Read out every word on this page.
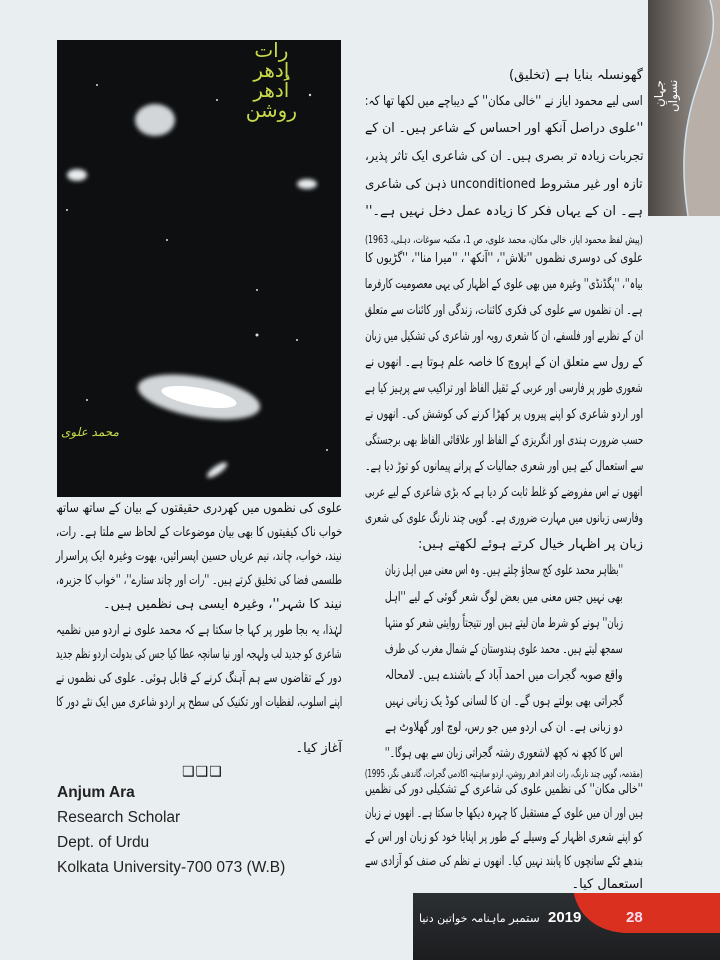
جہانِ نسواں
رات
اِدھر
اُدھر
روشن
محمد علوی
گھونسلہ بنایا ہے (تخلیق)
اسی لیے محمود ایاز نے ''خالی مکان'' کے دیباچے میں لکھا تھا کہ:
''علوی دراصل آنکھ اور احساس کے شاعر ہیں۔ ان کے
تجربات زیادہ تر بصری ہیں۔ ان کی شاعری ایک تاثر پذیر،
تازہ اور غیر مشروط unconditioned ذہن کی شاعری
ہے۔ ان کے یہاں فکر کا زیادہ عمل دخل نہیں ہے۔''
(پیش لفظ محمود ایاز، خالی مکان، محمد علوی، ص 1، مکتبہ سوغات، دہلی، 1963)
علوی کی دوسری نظموں ''تلاش''، ''آنکھ''، ''میرا منا''، ''گڑیوں کا
بیاہ''، ''پگڈنڈی'' وغیرہ میں بھی علوی کے اظہار کی یہی معصومیت کارفرما
ہے۔ ان نظموں سے علوی کی فکری کائنات، زندگی اور کائنات سے متعلق
ان کے نظریے اور فلسفے، ان کا شعری رویہ اور شاعری کی تشکیل میں زبان
کے رول سے متعلق ان کے اپروچ کا خاصہ علم ہوتا ہے۔ انھوں نے
شعوری طور پر فارسی اور عربی کے ثقیل الفاظ اور تراکیب سے پرہیز کیا ہے
اور اردو شاعری کو اپنے پیروں پر کھڑا کرنے کی کوشش کی۔ انھوں نے
حسب ضرورت ہندی اور انگریزی کے الفاظ اور علاقائی الفاظ بھی برجستگی
سے استعمال کیے ہیں اور شعری جمالیات کے پرانے پیمانوں کو توڑ دیا ہے۔
انھوں نے اس مفروضے کو غلط ثابت کر دیا ہے کہ بڑی شاعری کے لیے عربی
وفارسی زبانوں میں مہارت ضروری ہے۔ گوپی چند نارنگ علوی کی شعری
زبان پر اظہار خیال کرتے ہوئے لکھتے ہیں:
''بظاہر محمد علوی کج سجاؤ چلتے ہیں۔ وہ اس معنی میں اہل زبان
بھی نہیں جس معنی میں بعض لوگ شعر گوئی کے لیے ''اہل
زبان'' ہونے کو شرط مان لیتے ہیں اور نتیجتاً روایتی شعر کو منتہا
سمجھ لیتے ہیں۔ محمد علوی ہندوستان کے شمال مغرب کی طرف
واقع صوبہ گجرات میں احمد آباد کے باشندے ہیں۔ لامحالہ
گجراتی بھی بولتے ہوں گے۔ ان کا لسانی کوڈ یک زبانی نہیں
دو زبانی ہے۔ ان کی اردو میں جو رس، لوچ اور گھلاوٹ ہے
اس کا کچھ نہ کچھ لاشعوری رشتہ گجراتی زبان سے بھی ہوگا۔''
(مقدمہ، گوپی چند نارنگ، رات ادھر ادھر روشن، اردو ساہتیہ اکادمی گجرات، گاندھی نگر، 1995)
''خالی مکان'' کی نظمیں علوی کی شاعری کے تشکیلی دور کی نظمیں
ہیں اور ان میں علوی کے مستقبل کا چہرہ دیکھا جا سکتا ہے۔ انھوں نے زبان
کو اپنے شعری اظہار کے وسیلے کے طور پر اپنایا خود کو زبان اور اس کے
بندھے ٹکے سانچوں کا پابند نہیں کیا۔ انھوں نے نظم کی صنف کو آزادی سے
استعمال کیا۔
علوی کی نظموں میں کھردری حقیقتوں کے بیان کے ساتھ ساتھ
خواب ناک کیفیتوں کا بھی بیان موضوعات کے لحاظ سے ملتا ہے۔ رات،
نیند، خواب، چاند، نیم عریاں حسین اپسرائیں، بھوت وغیرہ ایک پراسرار
طلسمی فضا کی تخلیق کرتے ہیں۔ ''رات اور چاند ستارے''، ''خواب کا جزیرہ،
نیند کا شہر''، وغیرہ ایسی ہی نظمیں ہیں۔
لہٰذا، یہ بجا طور پر کہا جا سکتا ہے کہ محمد علوی نے اردو میں نظمیہ
شاعری کو جدید لب ولہجہ اور نیا سانچہ عطا کیا جس کی بدولت اردو نظم جدید
دور کے تقاضوں سے ہم آہنگ کرنے کے قابل ہوئی۔ علوی کی نظموں نے
اپنے اسلوب، لفظیات اور تکنیک کی سطح پر اردو شاعری میں ایک نئے دور کا
آغاز کیا۔
❑❑❑
Anjum Ara
Research Scholar
Dept. of Urdu
Kolkata University-700 073 (W.B)
ماہنامہ خواتین دنیا ستمبر 2019	28
